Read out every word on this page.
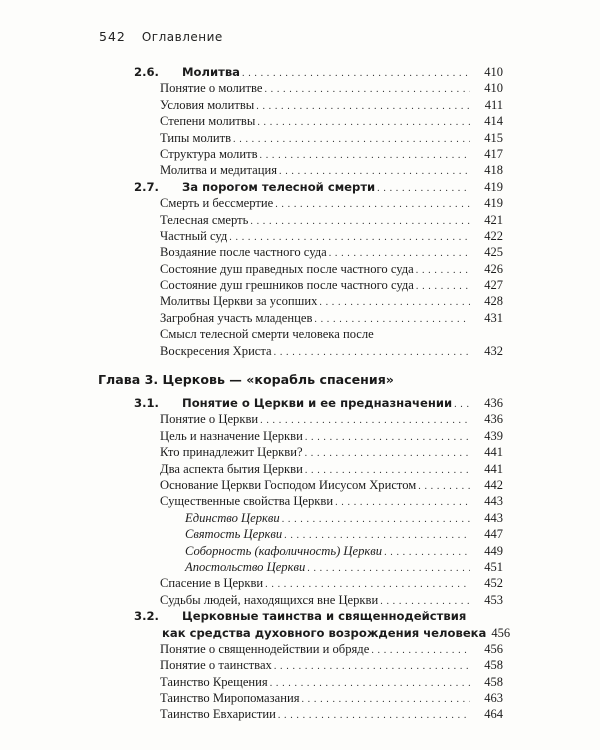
542 Оглавление
2.6.	Молитва . . .	410
Понятие о молитве . . .	410
Условия молитвы . . .	411
Степени молитвы . . .	414
Типы молитв . . .	415
Структура молитв . . .	417
Молитва и медитация . . .	418
2.7.	За порогом телесной смерти . . .	419
Смерть и бессмертие . . .	419
Телесная смерть . . .	421
Частный суд . . .	422
Воздаяние после частного суда . . .	425
Состояние душ праведных после частного суда . . .	426
Состояние душ грешников после частного суда . . .	427
Молитвы Церкви за усопших . . .	428
Загробная участь младенцев . . .	431
Смысл телесной смерти человека после
Воскресения Христа . . .	432
Глава 3. Церковь — «корабль спасения»
3.1.	Понятие о Церкви и ее предназначении . . .	436
Понятие о Церкви . . .	436
Цель и назначение Церкви . . .	439
Кто принадлежит Церкви? . . .	441
Два аспекта бытия Церкви . . .	441
Основание Церкви Господом Иисусом Христом . . .	442
Существенные свойства Церкви . . .	443
Единство Церкви . . .	443
Святость Церкви . . .	447
Соборность (кафоличность) Церкви . . .	449
Апостольство Церкви . . .	451
Спасение в Церкви . . .	452
Судьбы людей, находящихся вне Церкви . . .	453
3.2.	Церковные таинства и священнодействия
как средства духовного возрождения человека 456
Понятие о священнодействии и обряде . . .	456
Понятие о таинствах . . .	458
Таинство Крещения . . .	458
Таинство Миропомазания . . .	463
Таинство Евхаристии . . .	464
